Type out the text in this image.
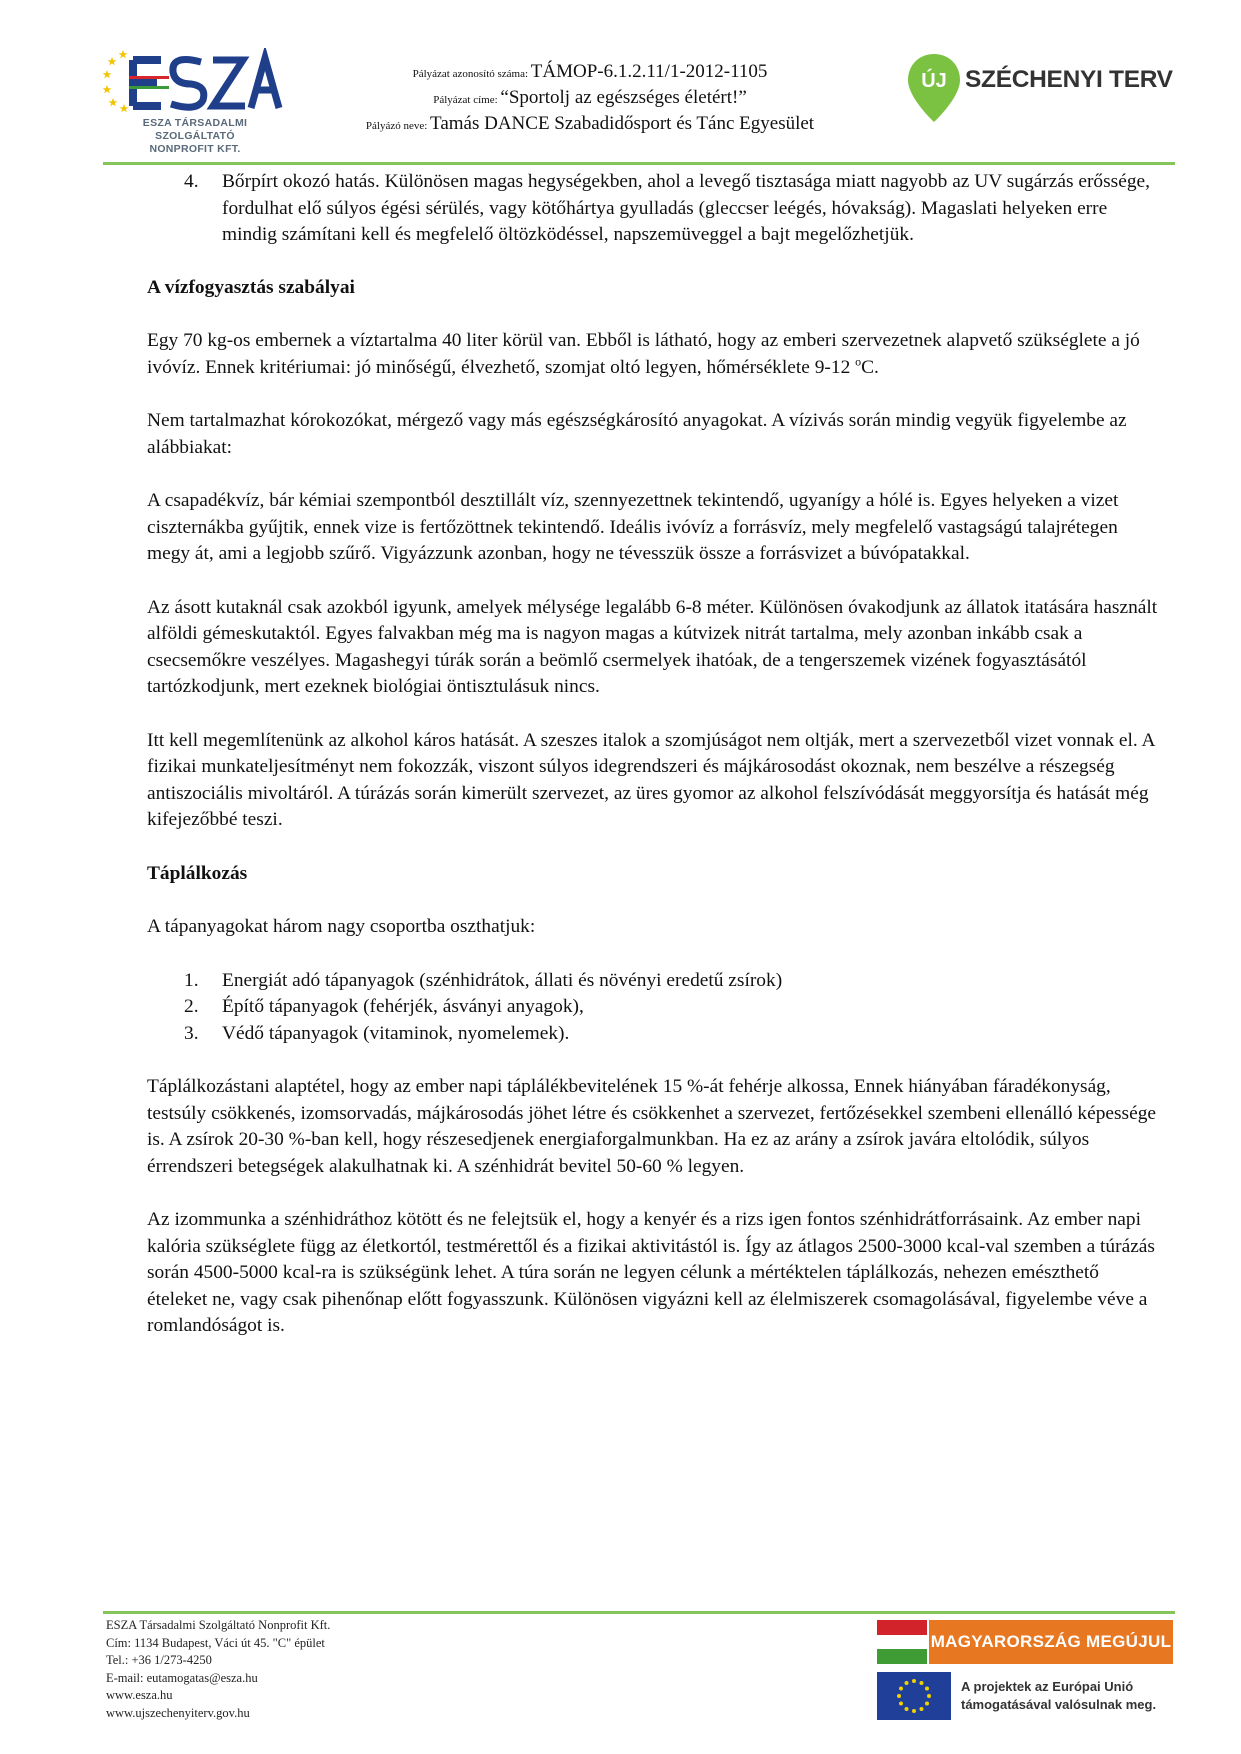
ESZA TÁRSADALMI SZOLGÁLTATÓ
NONPROFIT KFT.
Pályázat azonosító száma: TÁMOP-6.1.2.11/1-2012-1105
Pályázat címe: “Sportolj az egészséges életért!”
Pályázó neve: Tamás DANCE Szabadidősport és Tánc Egyesület
ÚJ SZÉCHENYI TERV
4. Bőrpírt okozó hatás. Különösen magas hegységekben, ahol a levegő tisztasága miatt nagyobb az UV sugárzás erőssége, fordulhat elő súlyos égési sérülés, vagy kötőhártya gyulladás (gleccser leégés, hóvakság). Magaslati helyeken erre mindig számítani kell és megfelelő öltözködéssel, napszemüveggel a bajt megelőzhetjük.
A vízfogyasztás szabályai

Egy 70 kg-os embernek a víztartalma 40 liter körül van. Ebből is látható, hogy az emberi szervezetnek alapvető szükséglete a jó ivóvíz. Ennek kritériumai: jó minőségű, élvezhető, szomjat oltó legyen, hőmérséklete 9-12 $^o$C.

Nem tartalmazhat kórokozókat, mérgező vagy más egészségkárosító anyagokat. A vízivás során mindig vegyük figyelembe az alábbiakat:

A csapadékvíz, bár kémiai szempontból desztillált víz, szennyezettnek tekintendő, ugyanígy a hólé is. Egyes helyeken a vizet ciszternákba gyűjtik, ennek vize is fertőzöttnek tekintendő. Ideális ivóvíz a forrásvíz, mely megfelelő vastagságú talajrétegen megy át, ami a legjobb szűrő. Vigyázzunk azonban, hogy ne tévesszük össze a forrásvizet a búvópatakkal.

Az ásott kutaknál csak azokból igyunk, amelyek mélysége legalább 6-8 méter. Különösen óvakodjunk az állatok itatására használt alföldi gémeskutaktól. Egyes falvakban még ma is nagyon magas a kútvizek nitrát tartalma, mely azonban inkább csak a csecsemőkre veszélyes. Magashegyi túrák során a beömlő csermelyek ihatóak, de a tengerszemek vizének fogyasztásától tartózkodjunk, mert ezeknek biológiai öntisztulásuk nincs.

Itt kell megemlítenünk az alkohol káros hatását. A szeszes italok a szomjúságot nem oltják, mert a szervezetből vizet vonnak el. A fizikai munkateljesítményt nem fokozzák, viszont súlyos idegrendszeri és májkárosodást okoznak, nem beszélve a részegség antiszociális mivoltáról. A túrázás során kimerült szervezet, az üres gyomor az alkohol felszívódását meggyorsítja és hatását még kifejezőbbé teszi.

Táplálkozás

A tápanyagokat három nagy csoportba oszthatjuk:

1. Energiát adó tápanyagok (szénhidrátok, állati és növényi eredetű zsírok)
2. Építő tápanyagok (fehérjék, ásványi anyagok),
3. Védő tápanyagok (vitaminok, nyomelemek).

Táplálkozástani alaptétel, hogy az ember napi táplálékbevitelének 15 %-át fehérje alkossa, Ennek hiányában fáradékonyság, testsúly csökkenés, izomsorvadás, májkárosodás jöhet létre és csökkenhet a szervezet, fertőzésekkel szembeni ellenálló képessége is. A zsírok 20-30 %-ban kell, hogy részesedjenek energiaforgalmunkban. Ha ez az arány a zsírok javára eltolódik, súlyos érrendszeri betegségek alakulhatnak ki. A szénhidrát bevitel 50-60 % legyen.

Az izommunka a szénhidráthoz kötött és ne felejtsük el, hogy a kenyér és a rizs igen fontos szénhidrátforrásaink. Az ember napi kalória szükséglete függ az életkortól, testmérettől és a fizikai aktivitástól is. Így az átlagos 2500-3000 kcal-val szemben a túrázás során 4500-5000 kcal-ra is szükségünk lehet. A túra során ne legyen célunk a mértéktelen táplálkozás, nehezen emészthető ételeket ne, vagy csak pihenőnap előtt fogyasszunk. Különösen vigyázni kell az élelmiszerek csomagolásával, figyelembe véve a romlandóságot is.

ESZA Társadalmi Szolgáltató Nonprofit Kft.
Cím: 1134 Budapest, Váci út 45. "C" épület
Tel.: +36 1/273-4250
E-mail: eutamogatas@esza.hu
www.esza.hu
www.ujszechenyiterv.gov.hu
MAGYARORSZÁG MEGÚJUL
A projektek az Európai Unió
támogatásával valósulnak meg.
